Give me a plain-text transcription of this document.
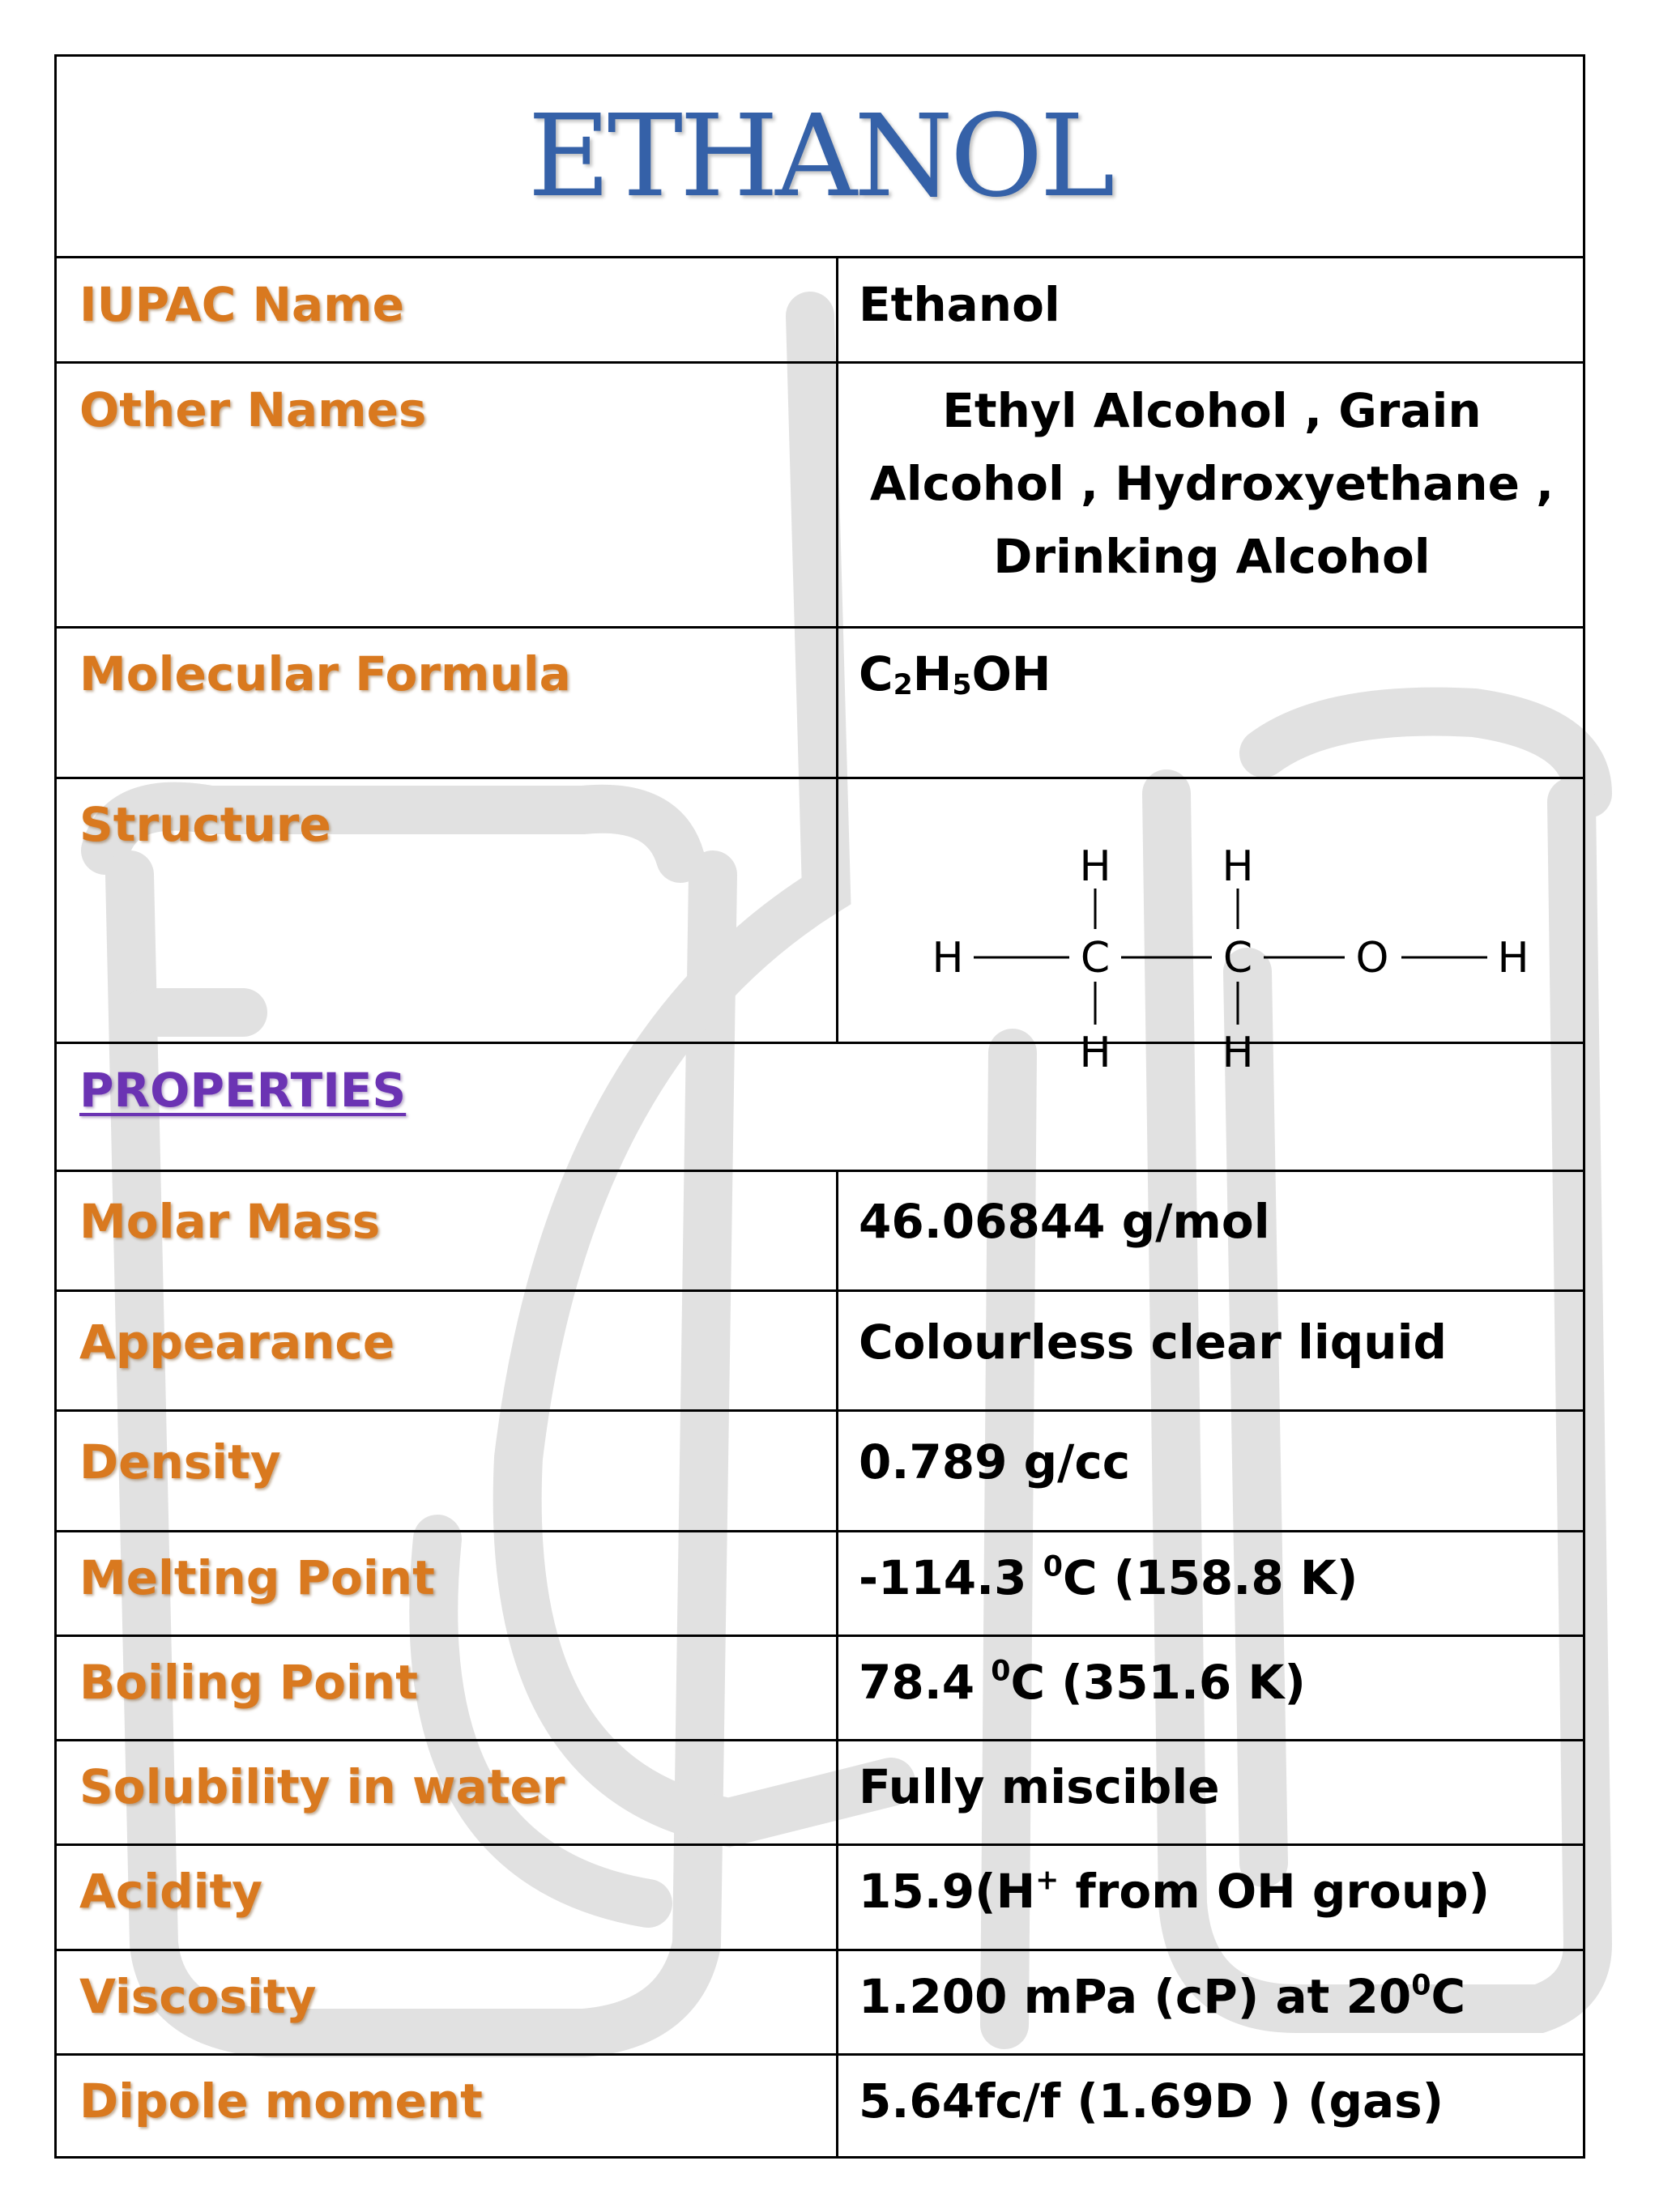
ETHANOL
IUPAC Name	Ethanol
Other Names	Ethyl Alcohol , Grain
Alcohol , Hydroxyethane ,
Drinking Alcohol
Molecular Formula	$C_2H_5OH$
Structure
PROPERTIES
Molar Mass	46.06844 g/mol
Appearance	Colourless clear liquid
Density	0.789 g/cc
Melting Point	-114.3 $^0$C (158.8 K)
Boiling Point	78.4 $^0$C (351.6 K)
Solubility in water	Fully miscible
Acidity	15.9(H+ from OH group)
Viscosity	1.200 mPa (cP) at $20^0C$
Dipole moment	5.64fc/f (1.69D ) (gas)
H	H
H	C	C O	H
H	H
